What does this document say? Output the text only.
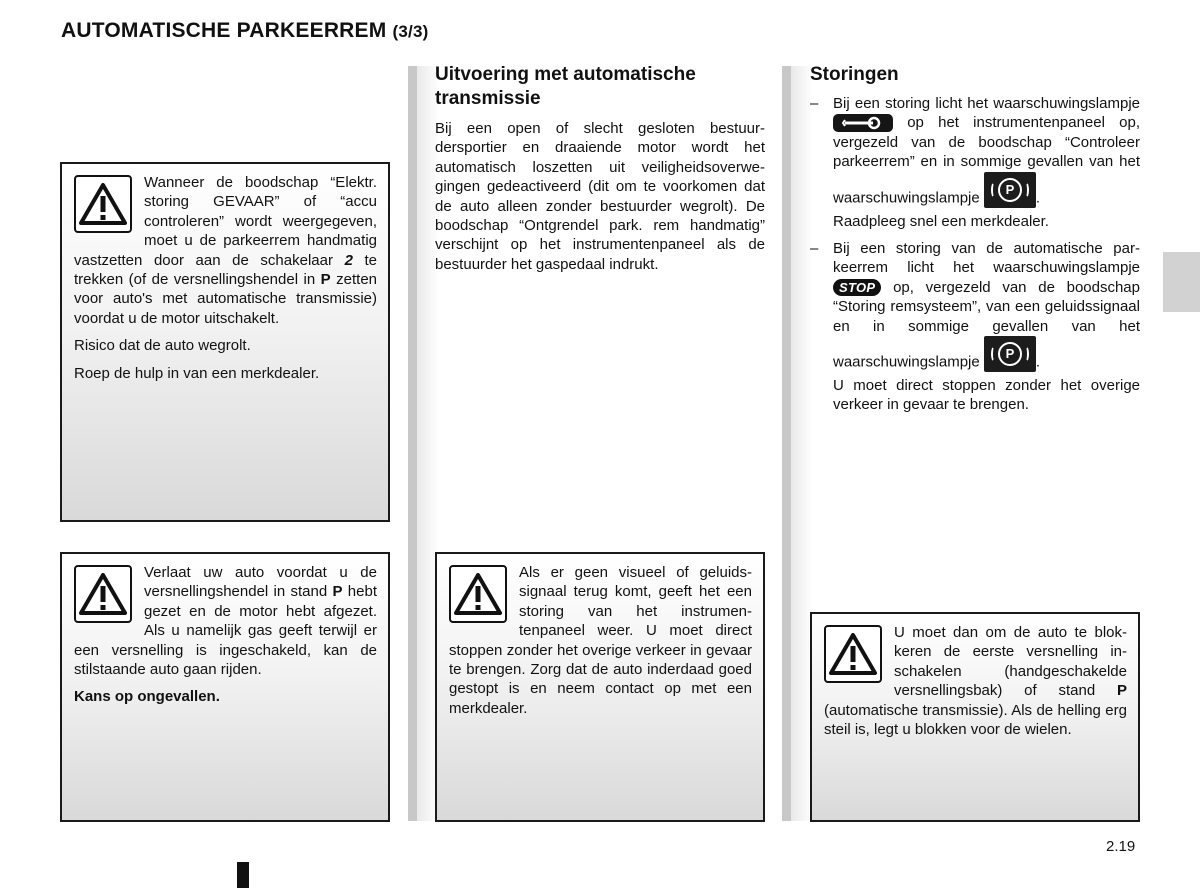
AUTOMATISCHE PARKEERREM (3/3)

Wanneer de boodschap “Elektr. storing GEVAAR” of “accu controleren” wordt weergegeven, moet u de parkeerrem handmatig vastzetten door aan de schakelaar 2 te trekken (of de versnellingshendel in P zetten voor auto's met automatische transmissie) voordat u de motor uitschakelt.

Risico dat de auto wegrolt.

Roep de hulp in van een merkdealer.

Verlaat uw auto voordat u de versnellingshendel in stand P hebt gezet en de motor hebt afgezet. Als u namelijk gas geeft terwijl er een versnelling is ingeschakeld, kan de stilstaande auto gaan rijden.

Kans op ongevallen.

Uitvoering met automatische transmissie

Bij een open of slecht gesloten bestuurdersportier en draaiende motor wordt het automatisch loszetten uit veiligheidsoverwegingen gedeactiveerd (dit om te voorkomen dat de auto alleen zonder bestuurder wegrolt). De boodschap “Ontgrendel park. rem handmatig” verschijnt op het instrumentenpaneel als de bestuurder het gaspedaal indrukt.

Als er geen visueel of geluidssignaal terug komt, geeft het een storing van het instrumentenpaneel weer. U moet direct stoppen zonder het overige verkeer in gevaar te brengen. Zorg dat de auto inderdaad goed gestopt is en neem contact op met een merkdealer.

Storingen
– Bij een storing licht het waarschuwingslampje
op het instrumentenpaneel op, vergezeld van de boodschap “Controleer parkeerrem” en in sommige gevallen van het waarschuwingslampje	P	.

Raadpleeg snel een merkdealer.

– Bij een storing van de automatische parkeerrem licht het waarschuwingslampje STOP op, vergezeld van de boodschap “Storing remsysteem”, van een geluidssignaal en in sommige gevallen van het waarschuwingslampje	P	.

U moet direct stoppen zonder het overige verkeer in gevaar te brengen.

U moet dan om de auto te blokkeren de eerste versnelling inschakelen (handgeschakelde versnellingsbak) of stand P (automatische transmissie). Als de helling erg steil is, legt u blokken voor de wielen.

2.19
